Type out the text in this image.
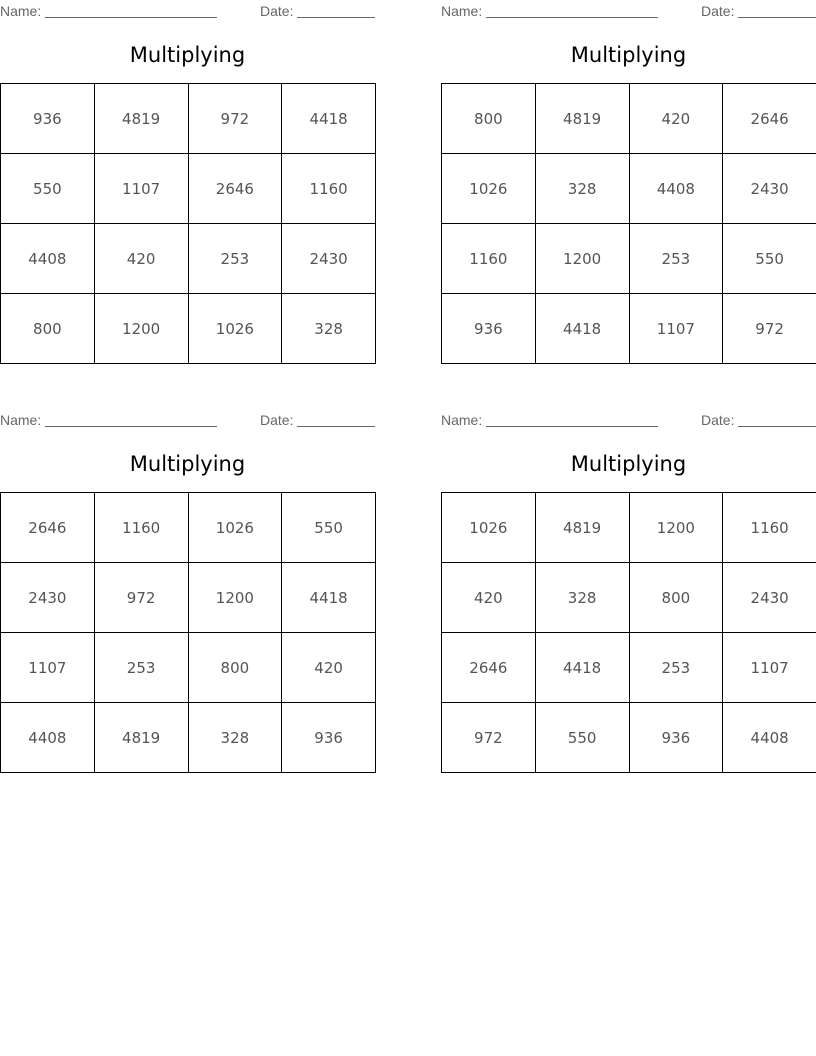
Name:	Date:
Multiplying
936	4819	972	4418
550	1107	2646	1160
4408	420	253	2430
800	1200	1026	328
Name:	Date:
Multiplying
800	4819	420	2646
1026	328	4408	2430
1160	1200	253	550
936	4418	1107	972
Name:	Date:
Multiplying
2646	1160	1026	550
2430	972	1200	4418
1107	253	800	420
4408	4819	328	936
Name:	Date:
Multiplying
1026	4819	1200	1160
420	328	800	2430
2646	4418	253	1107
972	550	936	4408
